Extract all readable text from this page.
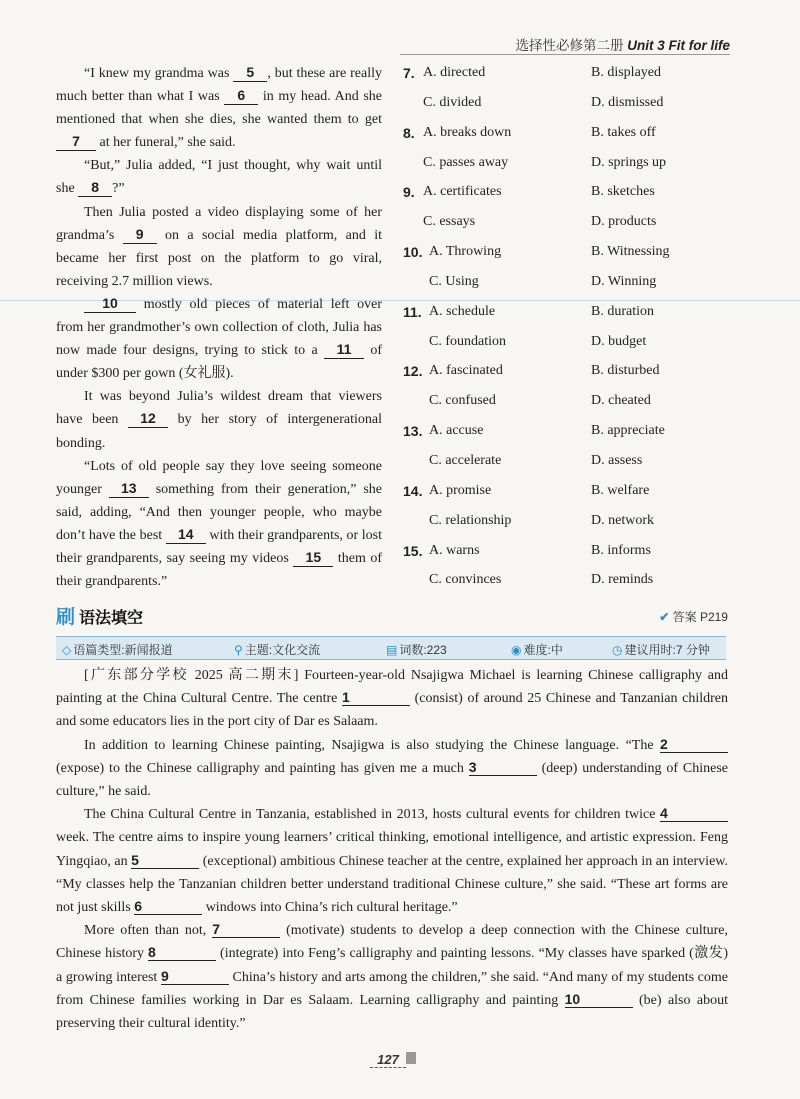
选择性必修第二册 Unit 3 Fit for life

“I knew my grandma was 5 , but these are really much better than what I was 6 in my head. And she mentioned that when she dies, she wanted them to get 7 at her funeral,” she said.

“But,” Julia added, “I just thought, why wait until she 8 ?”

Then Julia posted a video displaying some of her grandma’s 9 on a social media platform, and it became her first post on the platform to go viral, receiving 2.7 million views.

10 mostly old pieces of material left over from her grandmother’s own collection of cloth, Julia has now made four designs, trying to stick to a 11 of under $300 per gown (女礼服).

It was beyond Julia’s wildest dream that viewers have been 12 by her story of intergenerational bonding.

“Lots of old people say they love seeing someone younger 13 something from their generation,” she said, adding, “And then younger people, who maybe don’t have the best 14 with their grandparents, or lost their grandparents, say seeing my videos 15 them of their grandparents.”

7. A. directed	B. displayed
C. divided	D. dismissed
8. A. breaks down	B. takes off
C. passes away	D. springs up
9. A. certificates	B. sketches
C. essays	D. products
10. A. Throwing	B. Witnessing
C. Using	D. Winning
11. A. schedule	B. duration
C. foundation	D. budget
12. A. fascinated	B. disturbed
C. confused	D. cheated
13. A. accuse	B. appreciate
C. accelerate	D. assess
14. A. promise	B. welfare
C. relationship	D. network
15. A. warns	B. informs
C. convinces	D. reminds
刷 语法填空	✔ 答案 P219
◇ 语篇类型:新闻报道	⚲ 主题:文化交流	▤ 词数:223	◉ 难度:中	◷ 建议用时:7 分钟

[广东部分学校 2025 高二期末] Fourteen-year-old Nsajigwa Michael is learning Chinese calligraphy and painting at the China Cultural Centre. The centre 1	(consist) of around 25 Chinese and Tanzanian children and some educators lies in the port city of Dar es Salaam.

In addition to learning Chinese painting, Nsajigwa is also studying the Chinese language. “The 2 (expose) to the Chinese calligraphy and painting has given me a much 3	(deep) understanding of Chinese culture,” he said.

The China Cultural Centre in Tanzania, established in 2013, hosts cultural events for children twice 4 week. The centre aims to inspire young learners’ critical thinking, emotional intelligence, and artistic expression. Feng Yingqiao, an 5	(exceptional) ambitious Chinese teacher at the centre, explained her approach in an interview. “My classes help the Tanzanian children better understand traditional Chinese culture,” she said. “These art forms are not just skills 6	windows into China’s rich cultural heritage.”

More often than not, 7	(motivate) students to develop a deep connection with the Chinese culture, Chinese history 8	(integrate) into Feng’s calligraphy and painting lessons. “My classes have sparked (激发) a growing interest 9	China’s history and arts among the children,” she said. “And many of my students come from Chinese families working in Dar es Salaam. Learning calligraphy and painting 10	(be) also about preserving their cultural identity.”

127
